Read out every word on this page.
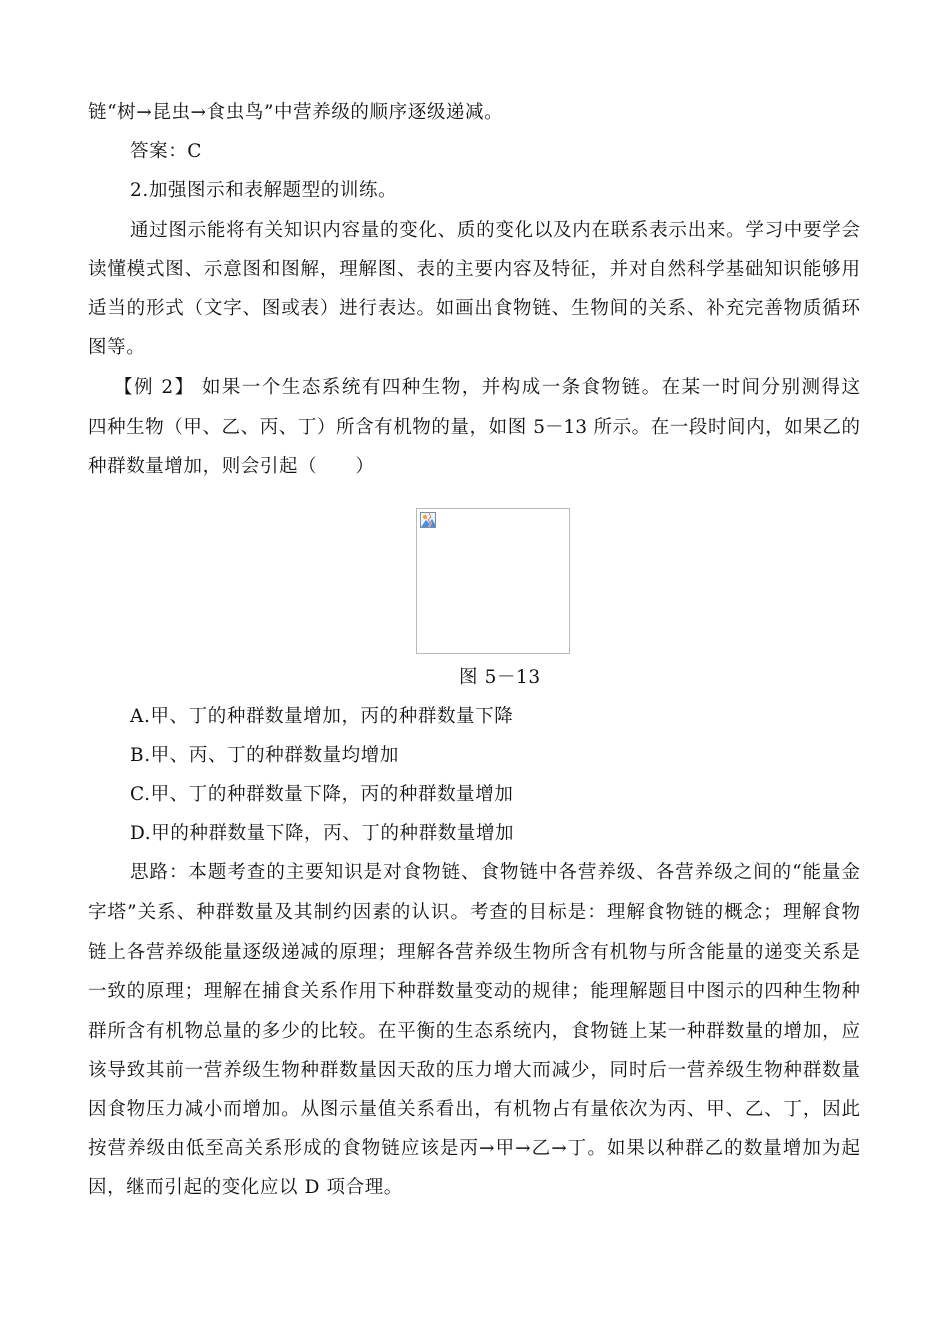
链“树→昆虫→食虫鸟”中营养级的顺序逐级递减。
答案：C
2.加强图示和表解题型的训练。
通过图示能将有关知识内容量的变化、质的变化以及内在联系表示出来。学习中要学会
读懂模式图、示意图和图解，理解图、表的主要内容及特征，并对自然科学基础知识能够用
适当的形式（文字、图或表）进行表达。如画出食物链、生物间的关系、补充完善物质循环
图等。
【例 2】 如果一个生态系统有四种生物，并构成一条食物链。在某一时间分别测得这
四种生物（甲、乙、丙、丁）所含有机物的量，如图 5－13 所示。在一段时间内，如果乙的
种群数量增加，则会引起（　　）
图 5－13
A.甲、丁的种群数量增加，丙的种群数量下降
B.甲、丙、丁的种群数量均增加
C.甲、丁的种群数量下降，丙的种群数量增加
D.甲的种群数量下降，丙、丁的种群数量增加
思路：本题考查的主要知识是对食物链、食物链中各营养级、各营养级之间的“能量金
字塔”关系、种群数量及其制约因素的认识。考查的目标是：理解食物链的概念；理解食物
链上各营养级能量逐级递减的原理；理解各营养级生物所含有机物与所含能量的递变关系是
一致的原理；理解在捕食关系作用下种群数量变动的规律；能理解题目中图示的四种生物种
群所含有机物总量的多少的比较。在平衡的生态系统内，食物链上某一种群数量的增加，应
该导致其前一营养级生物种群数量因天敌的压力增大而减少，同时后一营养级生物种群数量
因食物压力减小而增加。从图示量值关系看出，有机物占有量依次为丙、甲、乙、丁，因此
按营养级由低至高关系形成的食物链应该是丙→甲→乙→丁。如果以种群乙的数量增加为起
因，继而引起的变化应以 D 项合理。
